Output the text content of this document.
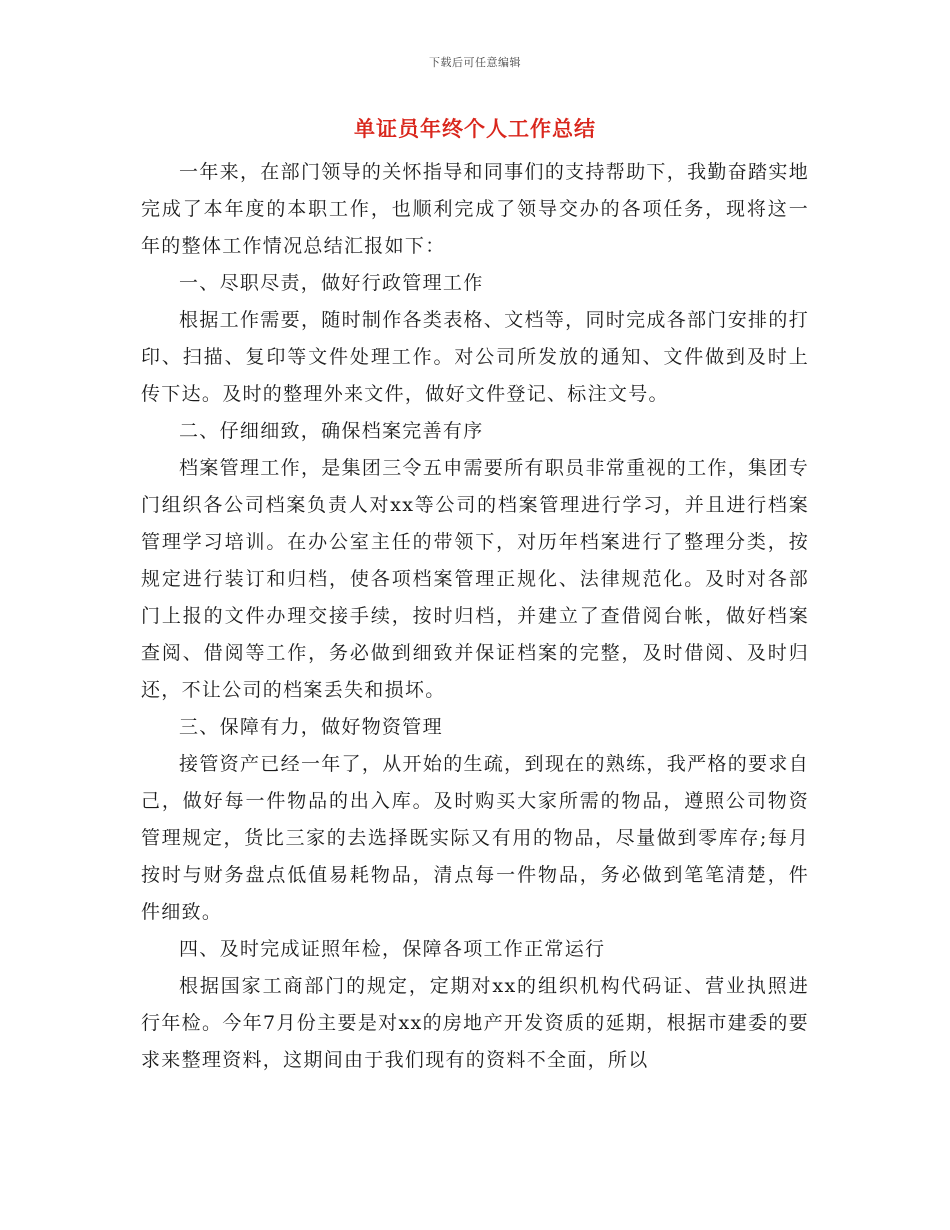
下载后可任意编辑
单证员年终个人工作总结

一年来，在部门领导的关怀指导和同事们的支持帮助下，我勤奋踏实地完成了本年度的本职工作，也顺利完成了领导交办的各项任务，现将这一年的整体工作情况总结汇报如下：

一、尽职尽责，做好行政管理工作

根据工作需要，随时制作各类表格、文档等，同时完成各部门安排的打印、扫描、复印等文件处理工作。对公司所发放的通知、文件做到及时上传下达。及时的整理外来文件，做好文件登记、标注文号。

二、仔细细致，确保档案完善有序

档案管理工作，是集团三令五申需要所有职员非常重视的工作，集团专门组织各公司档案负责人对xx等公司的档案管理进行学习，并且进行档案管理学习培训。在办公室主任的带领下，对历年档案进行了整理分类，按规定进行装订和归档，使各项档案管理正规化、法律规范化。及时对各部门上报的文件办理交接手续，按时归档，并建立了查借阅台帐，做好档案查阅、借阅等工作，务必做到细致并保证档案的完整，及时借阅、及时归还，不让公司的档案丢失和损坏。

三、保障有力，做好物资管理

接管资产已经一年了，从开始的生疏，到现在的熟练，我严格的要求自己，做好每一件物品的出入库。及时购买大家所需的物品，遵照公司物资管理规定，货比三家的去选择既实际又有用的物品，尽量做到零库存;每月按时与财务盘点低值易耗物品，清点每一件物品，务必做到笔笔清楚，件件细致。

四、及时完成证照年检，保障各项工作正常运行

根据国家工商部门的规定，定期对xx的组织机构代码证、营业执照进行年检。今年7月份主要是对xx的房地产开发资质的延期，根据市建委的要求来整理资料，这期间由于我们现有的资料不全面，所以
